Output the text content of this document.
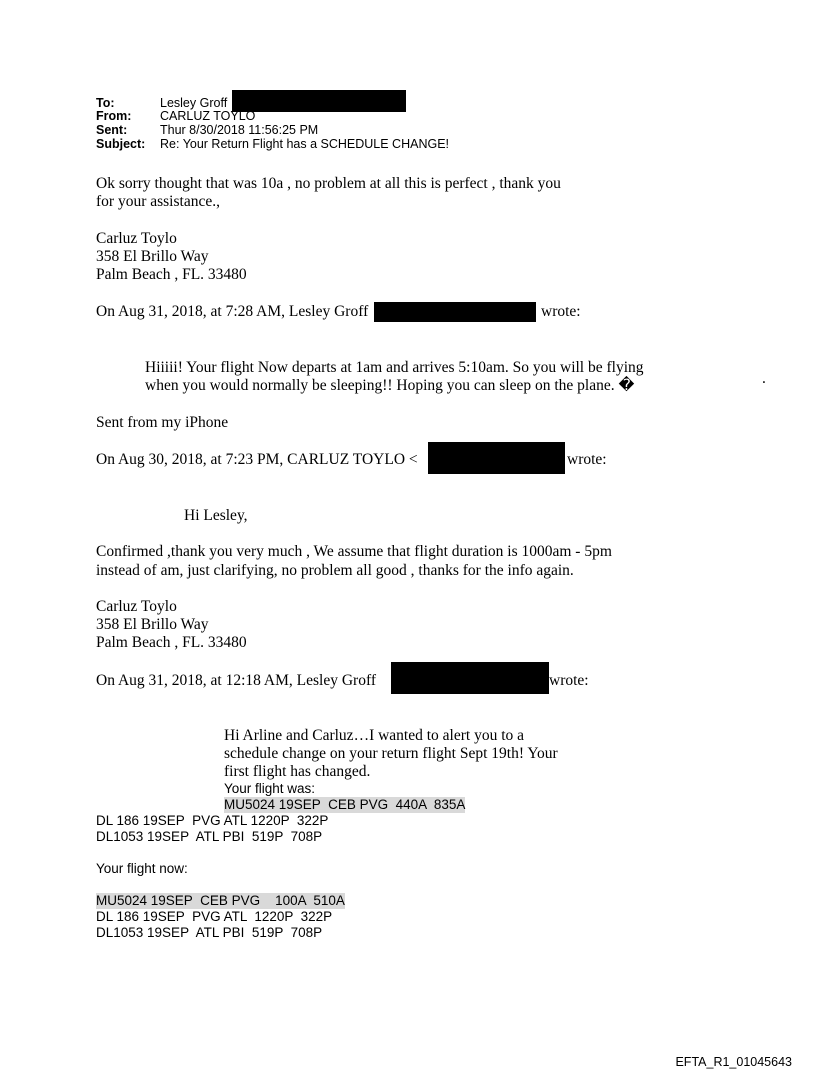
To:	Lesley Groff
From: CARLUZ TOYLO
Sent:	Thur 8/30/2018 11:56:25 PM
Subject: Re: Your Return Flight has a SCHEDULE CHANGE!
Ok sorry thought that was 10a , no problem at all this is perfect , thank you
for your assistance.,
Carluz Toylo
358 El Brillo Way
Palm Beach , FL. 33480
On Aug 31, 2018, at 7:28 AM, Lesley Groff	wrote:
Hiiiii! Your flight Now departs at 1am and arrives 5:10am. So you will be flying
when you would normally be sleeping!! Hoping you can sleep on the plane. �	.
Sent from my iPhone
On Aug 30, 2018, at 7:23 PM, CARLUZ TOYLO <	wrote:
Hi Lesley,
Confirmed ,thank you very much , We assume that flight duration is 1000am - 5pm
instead of am, just clarifying, no problem all good , thanks for the info again.
Carluz Toylo
358 El Brillo Way
Palm Beach , FL. 33480
On Aug 31, 2018, at 12:18 AM, Lesley Groff	wrote:
Hi Arline and Carluz…I wanted to alert you to a
schedule change on your return flight Sept 19th! Your
first flight has changed.
Your flight was:
MU5024 19SEP  CEB PVG  440A  835A
DL 186 19SEP  PVG ATL 1220P  322P
DL1053 19SEP  ATL PBI  519P  708P
Your flight now:
MU5024 19SEP  CEB PVG    100A  510A
DL 186 19SEP  PVG ATL  1220P  322P
DL1053 19SEP  ATL PBI  519P  708P
EFTA_R1_01045643
